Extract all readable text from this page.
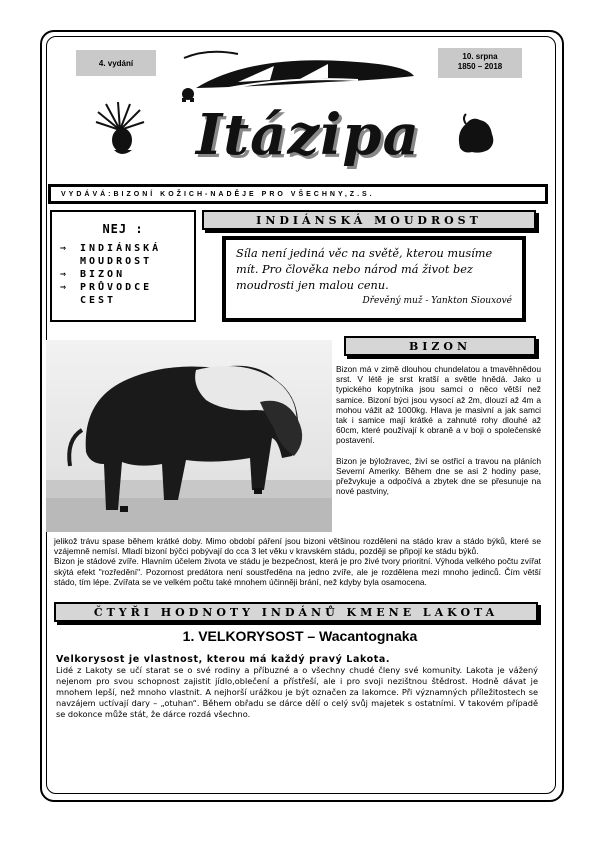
4. vydání
10. srpna
1850 – 2018
Itázipa
VYDÁVÁ:BIZONÍ KOŽICH-NADĚJE PRO VŠECHNY,Z.S.
NEJ :
⇒	INDIÁNSKÁ
MOUDROST
⇒	BIZON
⇒	PRŮVODCE
CEST
INDIÁNSKÁ MOUDROST
Síla není jediná věc na světě, kterou musíme mít. Pro člověka nebo národ má život bez moudrosti jen malou cenu.
Dřevěný muž - Yankton Siouxové
BIZON

Bizon má v zimě dlouhou chundelatou a tmavěhnědou srst. V létě je srst kratší a světle hnědá. Jako u typického kopytníka jsou samci o něco větší než samice. Bizoní býci jsou vysocí až 2m, dlouzí až 4m a mohou vážit až 1000kg. Hlava je masivní a jak samci tak i samice mají krátké a zahnuté rohy dlouhé až 60cm, které používají k obraně a v boji o společenské postavení.

Bizon je býložravec, živí se ostřicí a travou na pláních Severní Ameriky. Během dne se asi 2 hodiny pase, přežvykuje a odpočívá a zbytek dne se přesunuje na nové pastviny,

jelikož trávu spase během krátké doby. Mimo období páření jsou bizoni většinou rozděleni na stádo krav a stádo býků, které se vzájemně nemísí. Mladí bizoní býčci pobývají do cca 3 let věku v kravském stádu, později se připojí ke stádu býků.

Bizon je stádové zvíře. Hlavním účelem života ve stádu je bezpečnost, která je pro živé tvory prioritní. Výhoda velkého počtu zvířat skýtá efekt "rozředění". Pozornost predátora není soustředěna na jedno zvíře, ale je rozdělena mezi mnoho jedinců. Čím větší stádo, tím lépe. Zvířata se ve velkém počtu také mnohem účinněji brání, než kdyby byla osamocena.

ČTYŘI HODNOTY INDÁNŮ KMENE LAKOTA
1. VELKORYSOST – Wacantognaka
Velkorysost je vlastnost, kterou má každý pravý Lakota.
Lidé z Lakoty se učí starat se o své rodiny a příbuzné a o všechny chudé členy své komunity. Lakota je vážený nejenom pro svou schopnost zajistit jídlo,oblečení a přístřeší, ale i pro svoji nezištnou štědrost. Hodně dávat je mnohem lepší, než mnoho vlastnit. A nejhorší urážkou je být označen za lakomce. Při významných příležitostech se navzájem uctívají dary – „otuhan“. Během obřadu se dárce dělí o celý svůj majetek s ostatními. V takovém případě se dokonce může stát, že dárce rozdá všechno.
